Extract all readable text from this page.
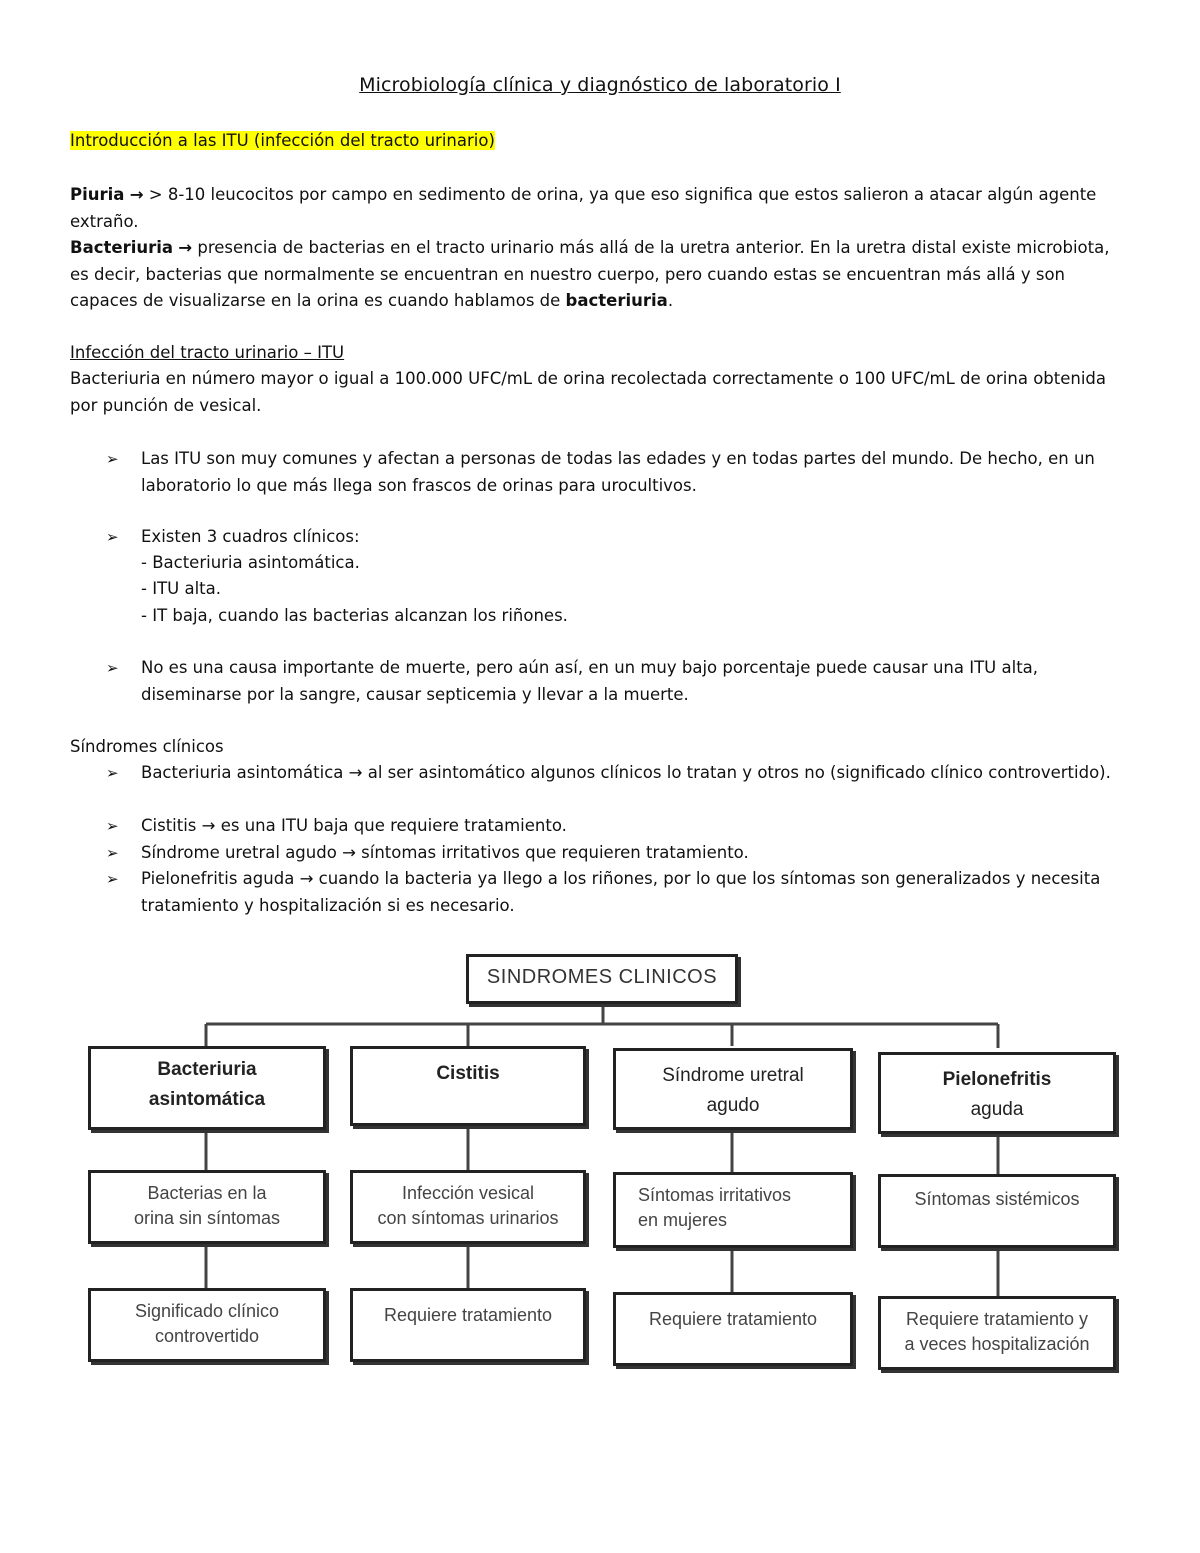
Microbiología clínica y diagnóstico de laboratorio I
Introducción a las ITU (infección del tracto urinario)
Piuria → > 8-10 leucocitos por campo en sedimento de orina, ya que eso significa que estos salieron a atacar algún agente extraño.
Bacteriuria → presencia de bacterias en el tracto urinario más allá de la uretra anterior. En la uretra distal existe microbiota, es decir, bacterias que normalmente se encuentran en nuestro cuerpo, pero cuando estas se encuentran más allá y son capaces de visualizarse en la orina es cuando hablamos de bacteriuria.
Infección del tracto urinario – ITU
Bacteriuria en número mayor o igual a 100.000 UFC/mL de orina recolectada correctamente o 100 UFC/mL de orina obtenida por punción de vesical.
➢	Las ITU son muy comunes y afectan a personas de todas las edades y en todas partes del mundo. De hecho, en un laboratorio lo que más llega son frascos de orinas para urocultivos.
➢	Existen 3 cuadros clínicos:
- Bacteriuria asintomática.
- ITU alta.
- IT baja, cuando las bacterias alcanzan los riñones.
➢	No es una causa importante de muerte, pero aún así, en un muy bajo porcentaje puede causar una ITU alta, diseminarse por la sangre, causar septicemia y llevar a la muerte.
Síndromes clínicos
➢	Bacteriuria asintomática → al ser asintomático algunos clínicos lo tratan y otros no (significado clínico controvertido).
➢	Cistitis → es una ITU baja que requiere tratamiento.
➢	Síndrome uretral agudo → síntomas irritativos que requieren tratamiento.
➢	Pielonefritis aguda → cuando la bacteria ya llego a los riñones, por lo que los síntomas son generalizados y necesita tratamiento y hospitalización si es necesario.
SINDROMES CLINICOS
Bacteriuria
asintomática
Cistitis	Síndrome uretral
agudo
Pielonefritis
aguda
Bacterias en la
orina sin síntomas
Infección vesical
con síntomas urinarios
Síntomas irritativos
en mujeres
Síntomas sistémicos
Significado clínico
controvertido
Requiere tratamiento	Requiere tratamiento	Requiere tratamiento y
a veces hospitalización
